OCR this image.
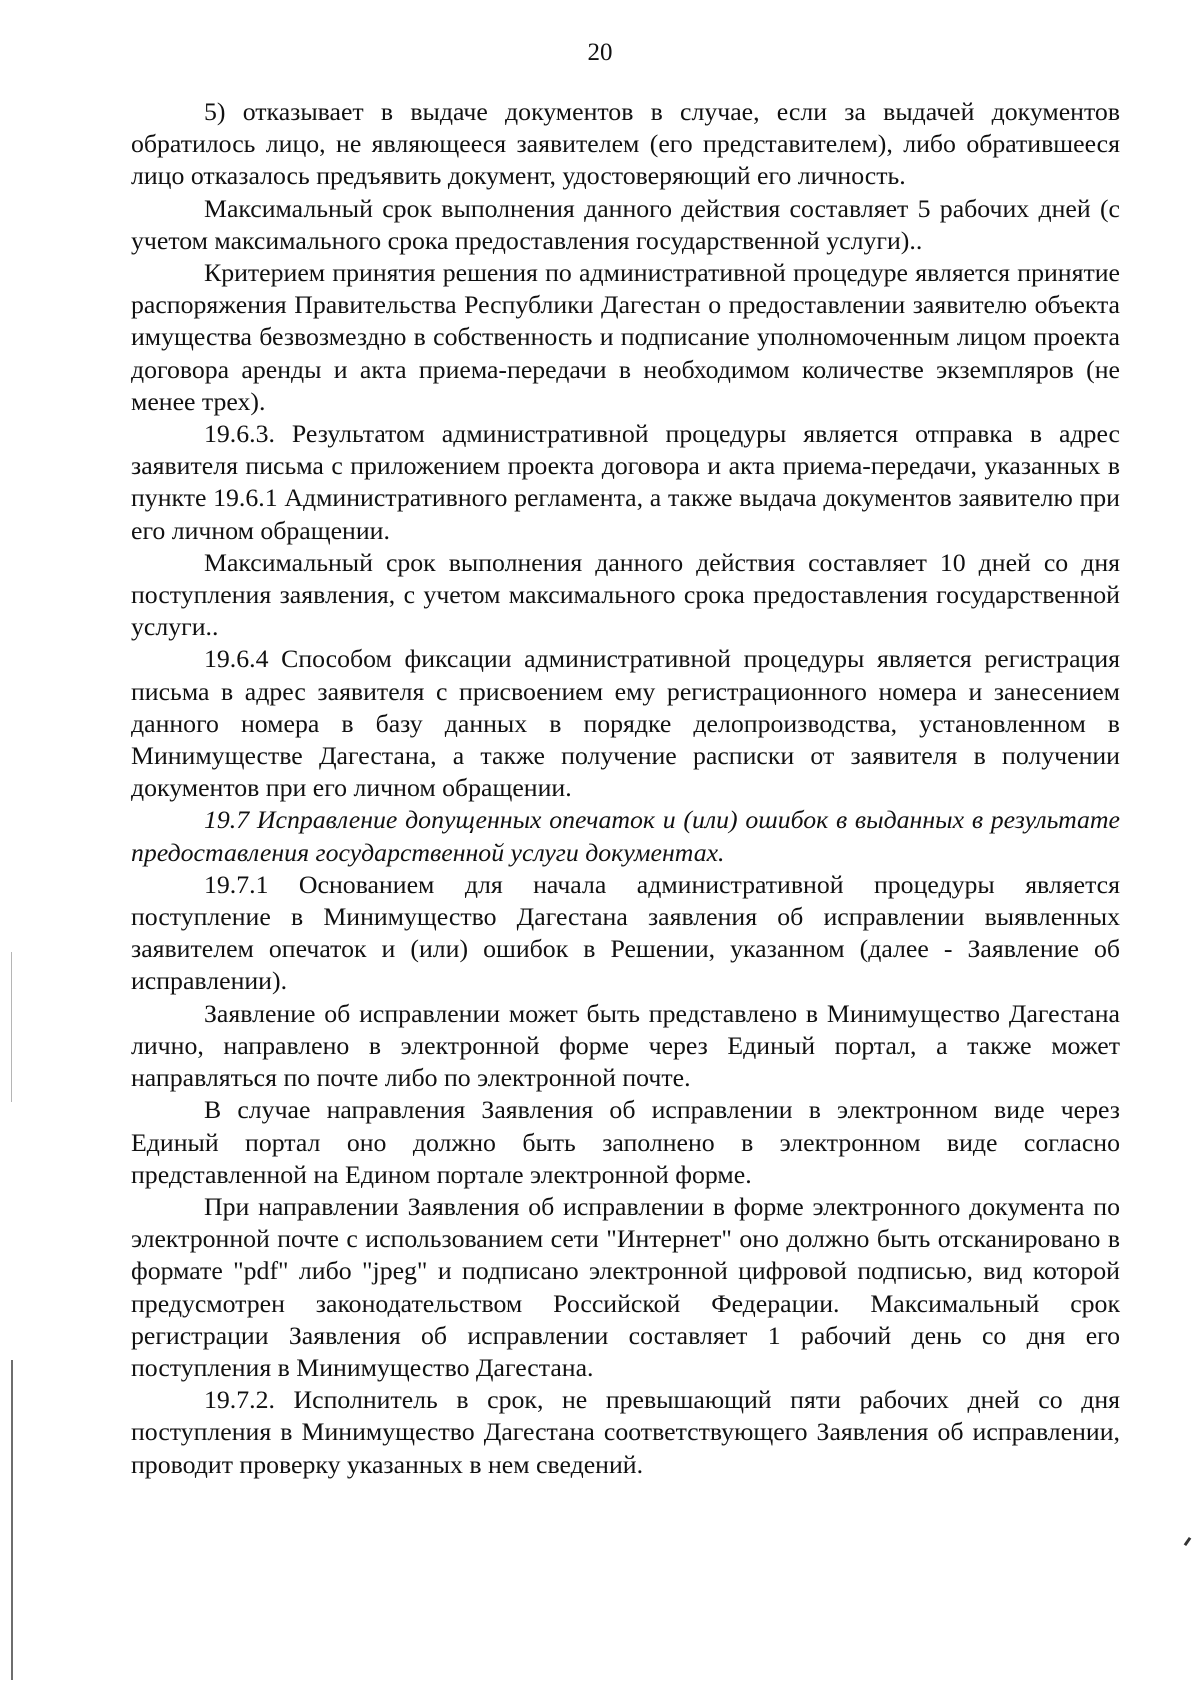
20

5) отказывает в выдаче документов в случае, если за выдачей документов обратилось лицо, не являющееся заявителем (его представителем), либо обратившееся лицо отказалось предъявить документ, удостоверяющий его личность.

Максимальный срок выполнения данного действия составляет 5 рабочих дней (с учетом максимального срока предоставления государственной услуги)..

Критерием принятия решения по административной процедуре является принятие распоряжения Правительства Республики Дагестан о предоставлении заявителю объекта имущества безвозмездно в собственность и подписание уполномоченным лицом проекта договора аренды и акта приема-передачи в необходимом количестве экземпляров (не менее трех).

19.6.3. Результатом административной процедуры является отправка в адрес заявителя письма с приложением проекта договора и акта приема-передачи, указанных в пункте 19.6.1 Административного регламента, а также выдача документов заявителю при его личном обращении.

Максимальный срок выполнения данного действия составляет 10 дней со дня поступления заявления, с учетом максимального срока предоставления государственной услуги..

19.6.4 Способом фиксации административной процедуры является регистрация письма в адрес заявителя с присвоением ему регистрационного номера и занесением данного номера в базу данных в порядке делопроизводства, установленном в Минимуществе Дагестана, а также получение расписки от заявителя в получении документов при его личном обращении.

19.7 Исправление допущенных опечаток и (или) ошибок в выданных в результате предоставления государственной услуги документах.

19.7.1 Основанием для начала административной процедуры является поступление в Минимущество Дагестана заявления об исправлении выявленных заявителем опечаток и (или) ошибок в Решении, указанном (далее - Заявление об исправлении).

Заявление об исправлении может быть представлено в Минимущество Дагестана лично, направлено в электронной форме через Единый портал, а также может направляться по почте либо по электронной почте.

В случае направления Заявления об исправлении в электронном виде через Единый портал оно должно быть заполнено в электронном виде согласно представленной на Едином портале электронной форме.

При направлении Заявления об исправлении в форме электронного документа по электронной почте с использованием сети "Интернет" оно должно быть отсканировано в формате "pdf" либо "jpeg" и подписано электронной цифровой подписью, вид которой предусмотрен законодательством Российской Федерации. Максимальный срок регистрации Заявления об исправлении составляет 1 рабочий день со дня его поступления в Минимущество Дагестана.

19.7.2. Исполнитель в срок, не превышающий пяти рабочих дней со дня поступления в Минимущество Дагестана соответствующего Заявления об исправлении, проводит проверку указанных в нем сведений.
